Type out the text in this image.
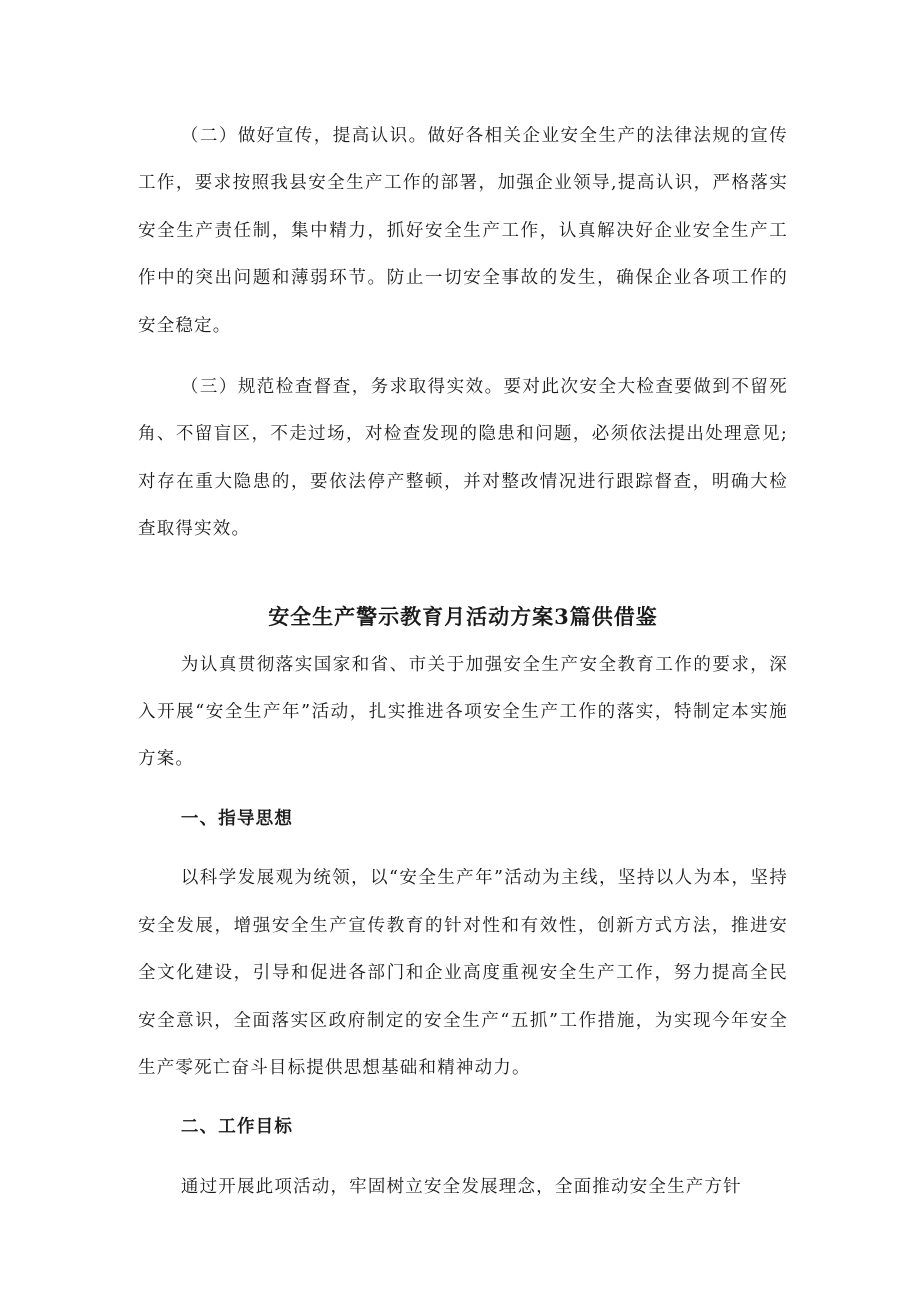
（二）做好宣传，提高认识。做好各相关企业安全生产的法律法规的宣传工作，要求按照我县安全生产工作的部署，加强企业领导,提高认识，严格落实安全生产责任制，集中精力，抓好安全生产工作，认真解决好企业安全生产工作中的突出问题和薄弱环节。防止一切安全事故的发生，确保企业各项工作的安全稳定。

（三）规范检查督查，务求取得实效。要对此次安全大检查要做到不留死角、不留盲区，不走过场，对检查发现的隐患和问题，必须依法提出处理意见;对存在重大隐患的，要依法停产整顿，并对整改情况进行跟踪督查，明确大检查取得实效。

安全生产警示教育月活动方案3篇供借鉴

为认真贯彻落实国家和省、市关于加强安全生产安全教育工作的要求，深入开展“安全生产年”活动，扎实推进各项安全生产工作的落实，特制定本实施方案。

一、指导思想

以科学发展观为统领，以“安全生产年”活动为主线，坚持以人为本，坚持安全发展，增强安全生产宣传教育的针对性和有效性，创新方式方法，推进安全文化建设，引导和促进各部门和企业高度重视安全生产工作，努力提高全民安全意识，全面落实区政府制定的安全生产“五抓”工作措施，为实现今年安全生产零死亡奋斗目标提供思想基础和精神动力。

二、工作目标

通过开展此项活动，牢固树立安全发展理念，全面推动安全生产方针
